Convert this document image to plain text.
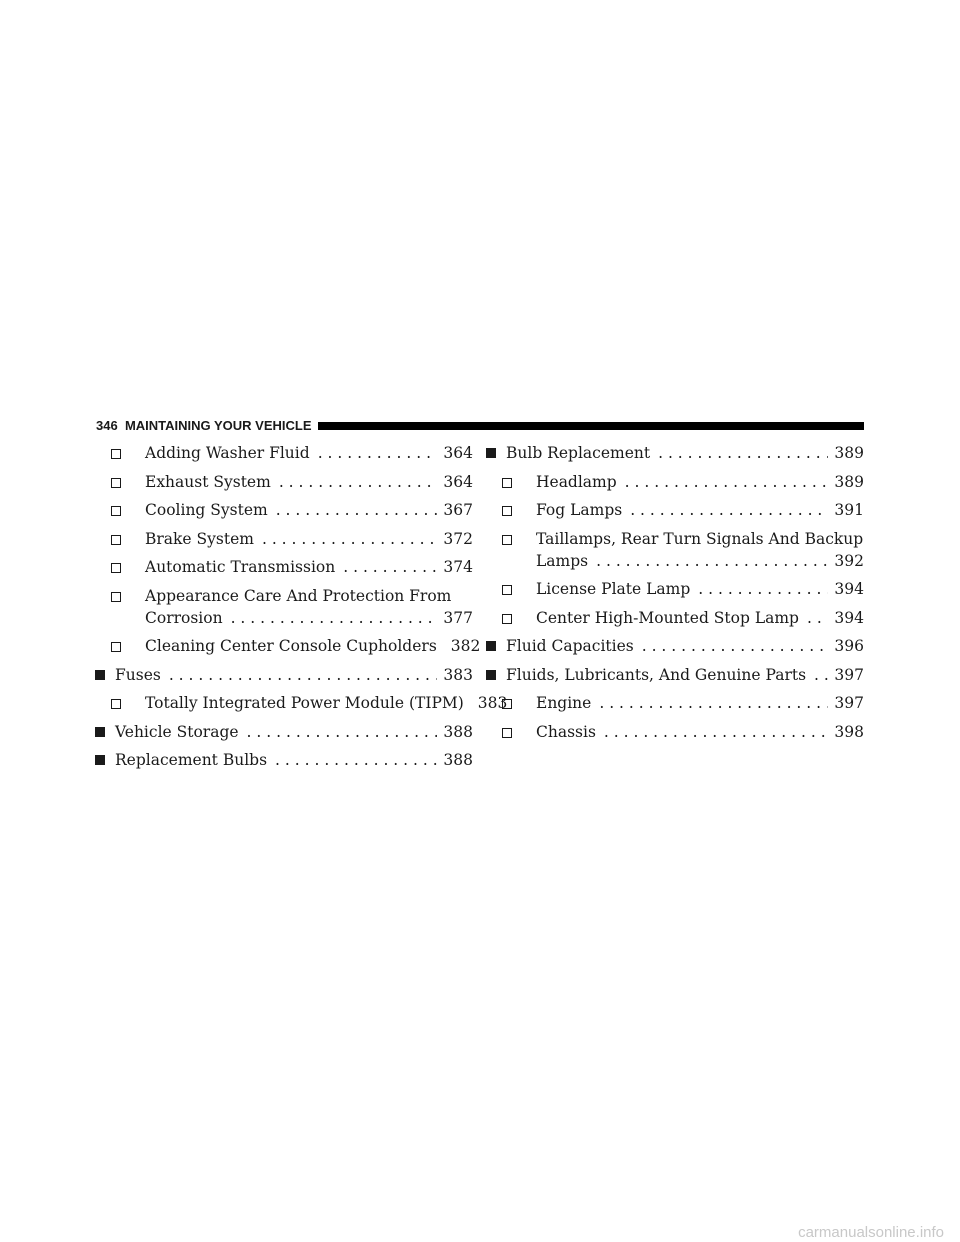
346 MAINTAINING YOUR VEHICLE
Adding Washer Fluid . . .	364
Exhaust System . . .	364
Cooling System . . .	367
Brake System . . .	372
Automatic Transmission . . .	374
Appearance Care And Protection From
Corrosion . . .	377
Cleaning Center Console Cupholders 382
Fuses . . .	383
Totally Integrated Power Module (TIPM) 383
Vehicle Storage . . .	388
Replacement Bulbs . . .	388
Bulb Replacement . . .	389
Headlamp . . .	389
Fog Lamps . . .	391
Taillamps, Rear Turn Signals And Backup
Lamps . . .	392
License Plate Lamp . . .	394
Center High-Mounted Stop Lamp . . . 394
Fluid Capacities . . .	396
Fluids, Lubricants, And Genuine Parts . . . 397
Engine . . .	397
Chassis . . .	398
carmanualsonline.info
